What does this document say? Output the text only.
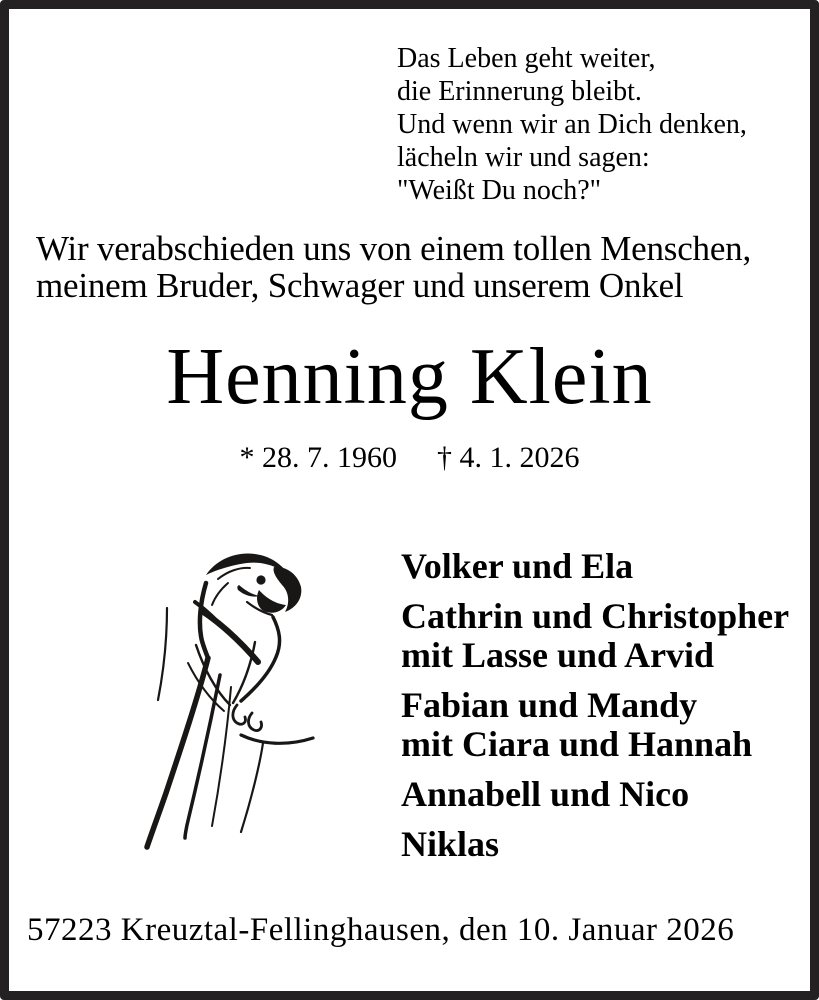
Das Leben geht weiter,
die Erinnerung bleibt.
Und wenn wir an Dich denken,
lächeln wir und sagen:
"Weißt Du noch?"
Wir verabschieden uns von einem tollen Menschen,
meinem Bruder, Schwager und unserem Onkel
Henning Klein
* 28. 7. 1960 † 4. 1. 2026
Volker und Ela
Cathrin und Christopher
mit Lasse und Arvid
Fabian und Mandy
mit Ciara und Hannah
Annabell und Nico
Niklas
57223 Kreuztal-Fellinghausen, den 10. Januar 2026
